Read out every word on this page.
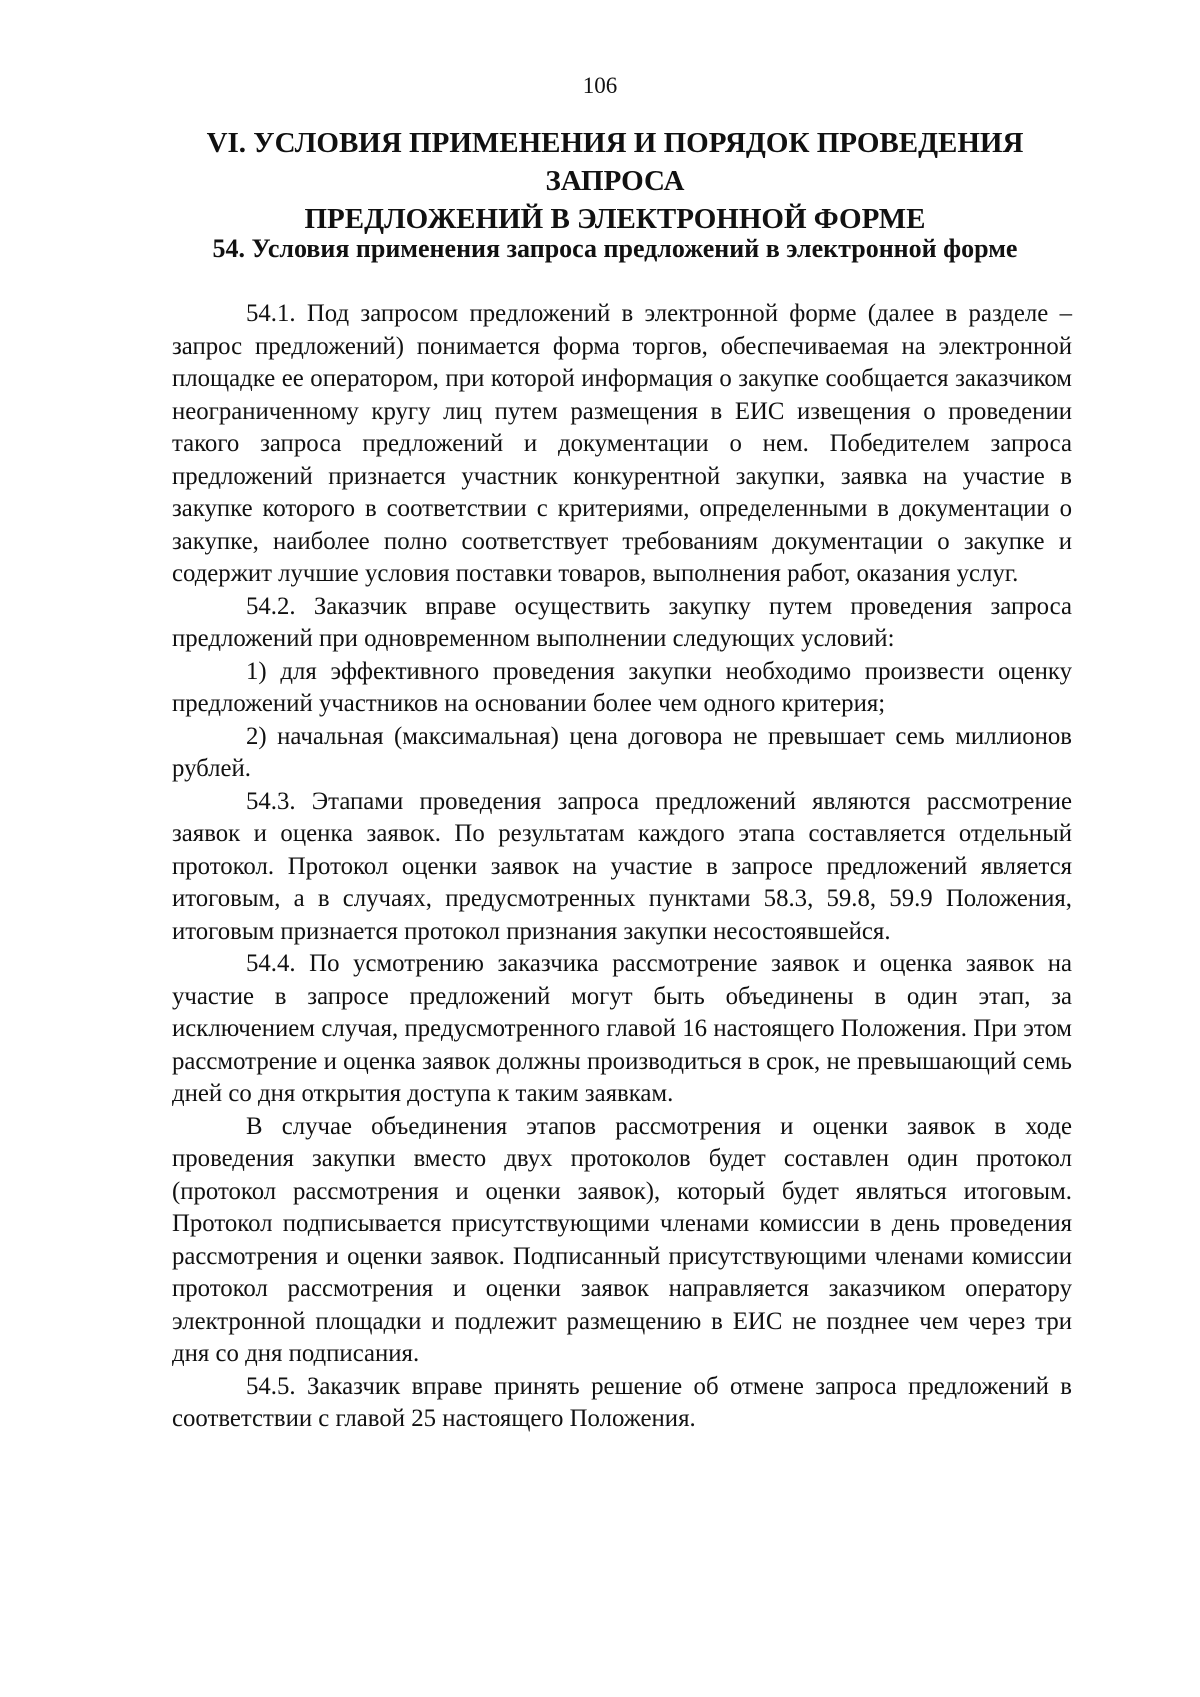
106
VI. УСЛОВИЯ ПРИМЕНЕНИЯ И ПОРЯДОК ПРОВЕДЕНИЯ ЗАПРОСА
ПРЕДЛОЖЕНИЙ В ЭЛЕКТРОННОЙ ФОРМЕ
54. Условия применения запроса предложений в электронной форме

54.1. Под запросом предложений в электронной форме (далее в разделе – запрос предложений) понимается форма торгов, обеспечиваемая на электронной площадке ее оператором, при которой информация о закупке сообщается заказчиком неограниченному кругу лиц путем размещения в ЕИС извещения о проведении такого запроса предложений и документации о нем. Победителем запроса предложений признается участник конкурентной закупки, заявка на участие в закупке которого в соответствии с критериями, определенными в документации о закупке, наиболее полно соответствует требованиям документации о закупке и содержит лучшие условия поставки товаров, выполнения работ, оказания услуг.

54.2. Заказчик вправе осуществить закупку путем проведения запроса предложений при одновременном выполнении следующих условий:

1) для эффективного проведения закупки необходимо произвести оценку предложений участников на основании более чем одного критерия;

2) начальная (максимальная) цена договора не превышает семь миллионов рублей.

54.3. Этапами проведения запроса предложений являются рассмотрение заявок и оценка заявок. По результатам каждого этапа составляется отдельный протокол. Протокол оценки заявок на участие в запросе предложений является итоговым, а в случаях, предусмотренных пунктами 58.3, 59.8, 59.9 Положения, итоговым признается протокол признания закупки несостоявшейся.

54.4. По усмотрению заказчика рассмотрение заявок и оценка заявок на участие в запросе предложений могут быть объединены в один этап, за исключением случая, предусмотренного главой 16 настоящего Положения. При этом рассмотрение и оценка заявок должны производиться в срок, не превышающий семь дней со дня открытия доступа к таким заявкам.

В случае объединения этапов рассмотрения и оценки заявок в ходе проведения закупки вместо двух протоколов будет составлен один протокол (протокол рассмотрения и оценки заявок), который будет являться итоговым. Протокол подписывается присутствующими членами комиссии в день проведения рассмотрения и оценки заявок. Подписанный присутствующими членами комиссии протокол рассмотрения и оценки заявок направляется заказчиком оператору электронной площадки и подлежит размещению в ЕИС не позднее чем через три дня со дня подписания.

54.5. Заказчик вправе принять решение об отмене запроса предложений в соответствии с главой 25 настоящего Положения.
